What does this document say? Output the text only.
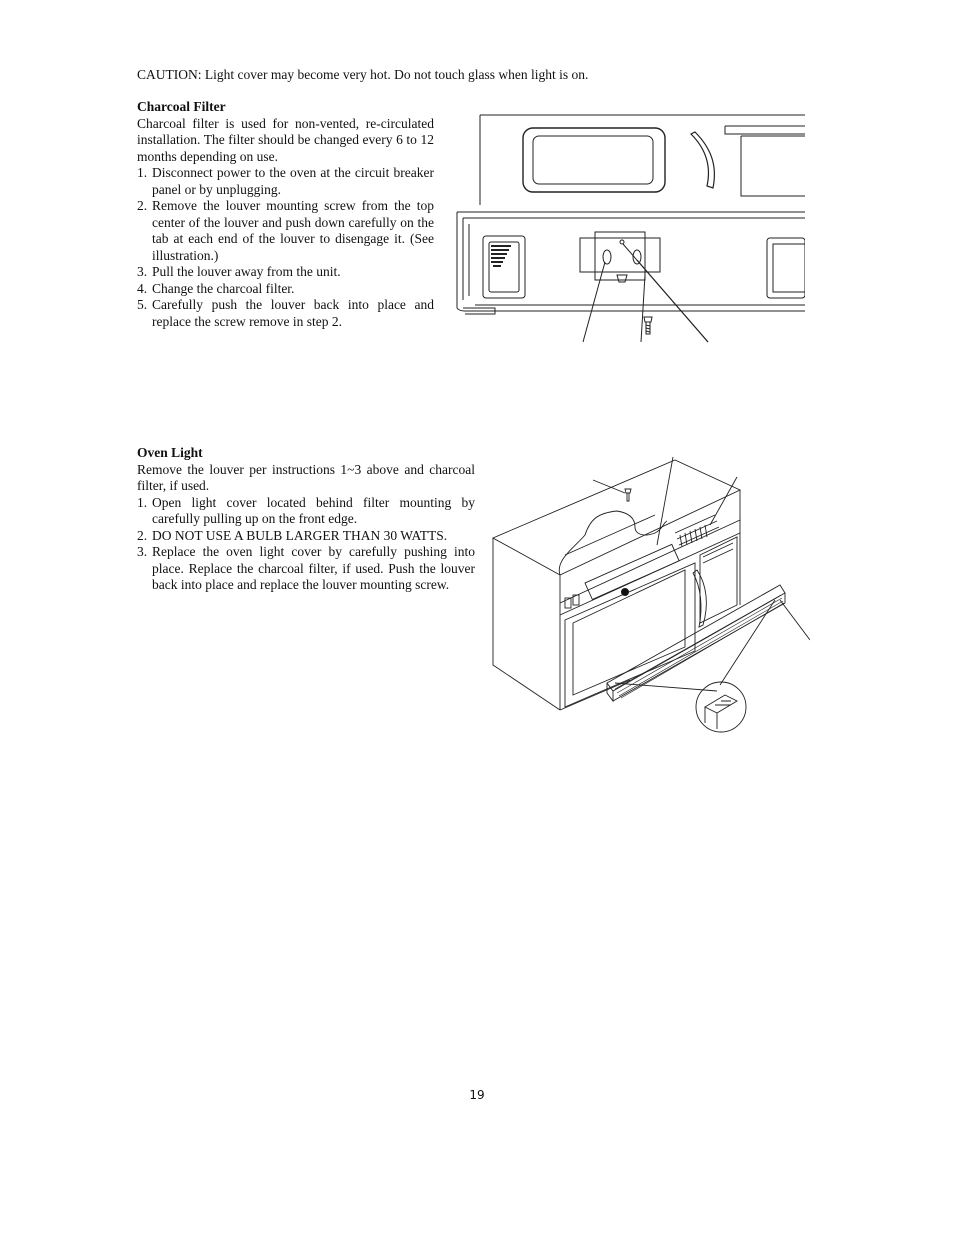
CAUTION: Light cover may become very hot. Do not touch glass when light is on.
Charcoal Filter

Charcoal filter is used for non-vented, re-circulated installation. The filter should be changed every 6 to 12 months depending on use.

1. Disconnect power to the oven at the circuit breaker panel or by unplugging.
2. Remove the louver mounting screw from the top center of the louver and push down carefully on the tab at each end of the louver to disengage it. (See illustration.)
3. Pull the louver away from the unit.
4. Change the charcoal filter.
5. Carefully push the louver back into place and replace the screw remove in step 2.
Oven Light

Remove the louver per instructions 1~3 above and charcoal filter, if used.

1. Open light cover located behind filter mounting by carefully pulling up on the front edge.
2. DO NOT USE A BULB LARGER THAN 30 WATTS.
3. Replace the oven light cover by carefully pushing into place. Replace the charcoal filter, if used. Push the louver back into place and replace the louver mounting screw.
19
